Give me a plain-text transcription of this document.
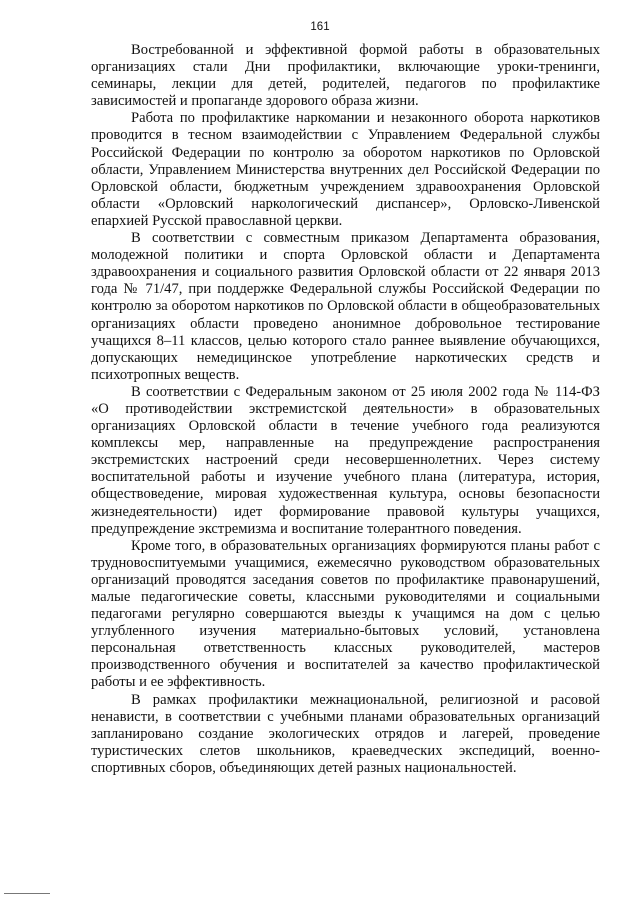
161

Востребованной и эффективной формой работы в образовательных организациях стали Дни профилактики, включающие уроки-тренинги, семинары, лекции для детей, родителей, педагогов по профилактике зависимостей и пропаганде здорового образа жизни.

Работа по профилактике наркомании и незаконного оборота наркотиков проводится в тесном взаимодействии с Управлением Федеральной службы Российской Федерации по контролю за оборотом наркотиков по Орловской области, Управлением Министерства внутренних дел Российской Федерации по Орловской области, бюджетным учреждением здравоохранения Орловской области «Орловский наркологический диспансер», Орловско-Ливенской епархией Русской православной церкви.

В соответствии с совместным приказом Департамента образования, молодежной политики и спорта Орловской области и Департамента здравоохранения и социального развития Орловской области от 22 января 2013 года № 71/47, при поддержке Федеральной службы Российской Федерации по контролю за оборотом наркотиков по Орловской области в общеобразовательных организациях области проведено анонимное добровольное тестирование учащихся 8–11 классов, целью которого стало раннее выявление обучающихся, допускающих немедицинское употребление наркотических средств и психотропных веществ.

В соответствии с Федеральным законом от 25 июля 2002 года № 114-ФЗ «О противодействии экстремистской деятельности» в образовательных организациях Орловской области в течение учебного года реализуются комплексы мер, направленные на предупреждение распространения экстремистских настроений среди несовершеннолетних. Через систему воспитательной работы и изучение учебного плана (литература, история, обществоведение, мировая художественная культура, основы безопасности жизнедеятельности) идет формирование правовой культуры учащихся, предупреждение экстремизма и воспитание толерантного поведения.

Кроме того, в образовательных организациях формируются планы работ с трудновоспитуемыми учащимися, ежемесячно руководством образовательных организаций проводятся заседания советов по профилактике правонарушений, малые педагогические советы, классными руководителями и социальными педагогами регулярно совершаются выезды к учащимся на дом с целью углубленного изучения материально-бытовых условий, установлена персональная ответственность классных руководителей, мастеров производственного обучения и воспитателей за качество профилактической работы и ее эффективность.

В рамках профилактики межнациональной, религиозной и расовой ненависти, в соответствии с учебными планами образовательных организаций запланировано создание экологических отрядов и лагерей, проведение туристических слетов школьников, краеведческих экспедиций, военно-спортивных сборов, объединяющих детей разных национальностей.
